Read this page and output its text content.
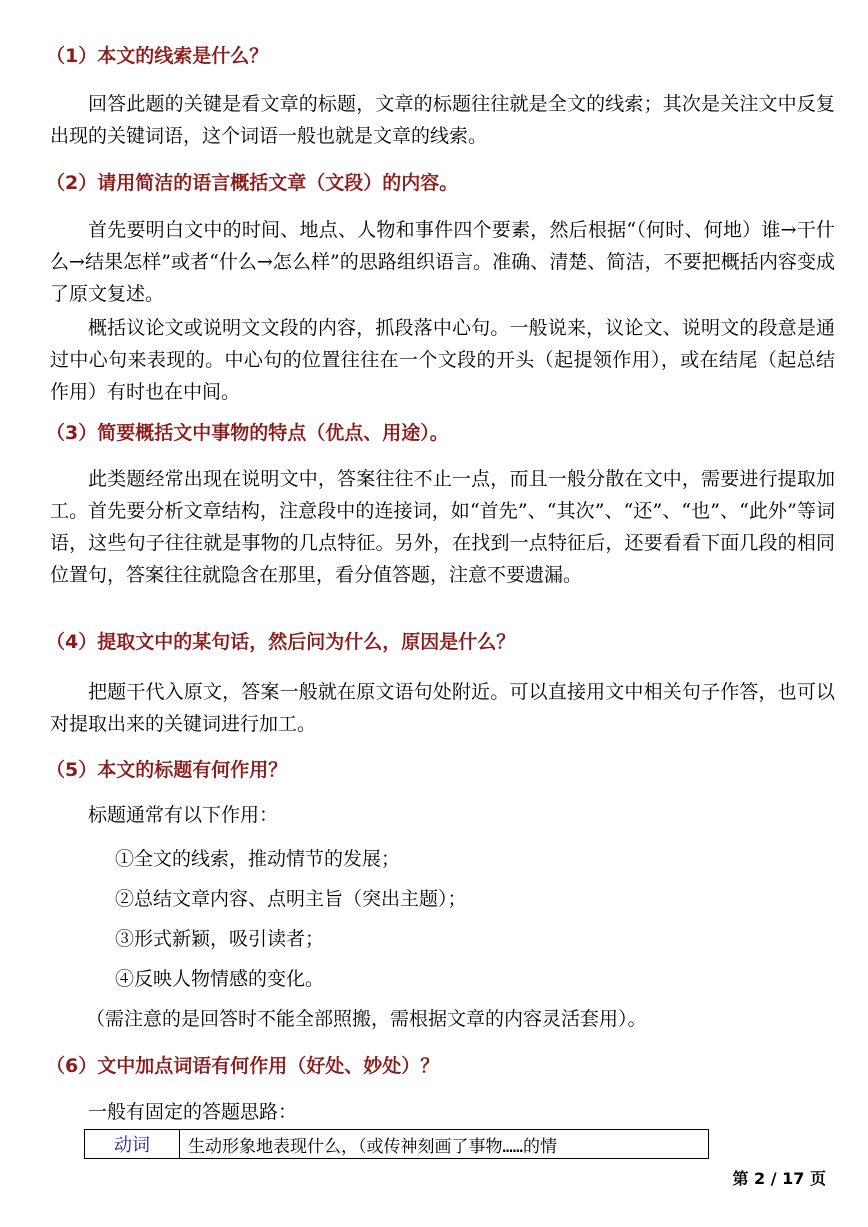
（1）本文的线索是什么？
回答此题的关键是看文章的标题，文章的标题往往就是全文的线索；其次是关注文中反复出现的关键词语，这个词语一般也就是文章的线索。
（2）请用简洁的语言概括文章（文段）的内容。
首先要明白文中的时间、地点、人物和事件四个要素，然后根据“（何时、何地）谁→干什么→结果怎样”或者“什么→怎么样”的思路组织语言。准确、清楚、简洁，不要把概括内容变成了原文复述。
概括议论文或说明文文段的内容，抓段落中心句。一般说来，议论文、说明文的段意是通过中心句来表现的。中心句的位置往往在一个文段的开头（起提领作用），或在结尾（起总结作用）有时也在中间。
（3）简要概括文中事物的特点（优点、用途）。
此类题经常出现在说明文中，答案往往不止一点，而且一般分散在文中，需要进行提取加工。首先要分析文章结构，注意段中的连接词，如“首先”、“其次”、“还”、“也”、“此外”等词语，这些句子往往就是事物的几点特征。另外，在找到一点特征后，还要看看下面几段的相同位置句，答案往往就隐含在那里，看分值答题，注意不要遗漏。
（4）提取文中的某句话，然后问为什么，原因是什么？
把题干代入原文，答案一般就在原文语句处附近。可以直接用文中相关句子作答，也可以对提取出来的关键词进行加工。
（5）本文的标题有何作用？
标题通常有以下作用：
①全文的线索，推动情节的发展；
②总结文章内容、点明主旨（突出主题）；
③形式新颖，吸引读者；
④反映人物情感的变化。
（需注意的是回答时不能全部照搬，需根据文章的内容灵活套用）。
（6）文中加点词语有何作用（好处、妙处）？
一般有固定的答题思路：
动词	生动形象地表现什么，（或传神刻画了事物……的情
第 2 / 17 页
